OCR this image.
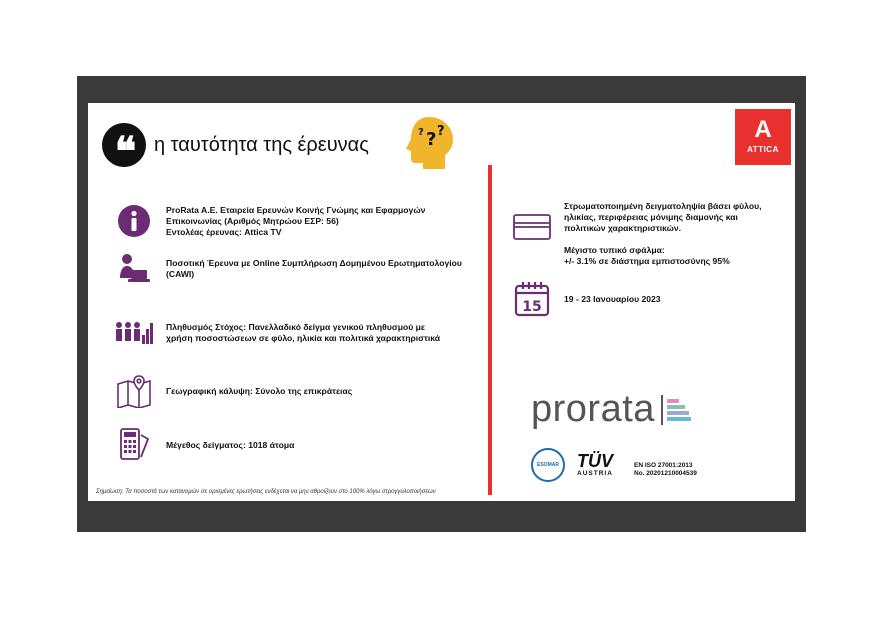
❝	η ταυτότητα της έρευνας	? ?
?	A
ATTICA
ProRata A.E. Εταιρεία Ερευνών Κοινής Γνώμης και Εφαρμογών
Επικοινωνίας (Αριθμός Μητρώου ΕΣΡ: 56)
Εντολέας έρευνας: Attica TV
Ποσοτική Έρευνα με Online Συμπλήρωση Δομημένου Ερωτηματολογίου
(CAWI)
Πληθυσμός Στόχος: Πανελλαδικό δείγμα γενικού πληθυσμού με
χρήση ποσοστώσεων σε φύλο, ηλικία και πολιτικά χαρακτηριστικά
Γεωγραφική κάλυψη: Σύνολο της επικράτειας
Μέγεθος δείγματος: 1018 άτομα
Στρωματοποιημένη δειγματοληψία βάσει φύλου,
ηλικίας, περιφέρειας μόνιμης διαμονής και
πολιτικών χαρακτηριστικών.
Μέγιστο τυπικό σφάλμα:
+/- 3.1% σε διάστημα εμπιστοσύνης 95%
15
19 - 23 Ιανουαρίου 2023
prorata
ESOMAR	TÜV
AUSTRIA
EN ISO 27001:2013
No. 20201210004539
Σημείωση: Τα ποσοστά των κατανομών σε ορισμένες ερωτήσεις ενδέχεται να μην αθροίζουν στο 100% λόγω στρογγυλοποιήσεων
